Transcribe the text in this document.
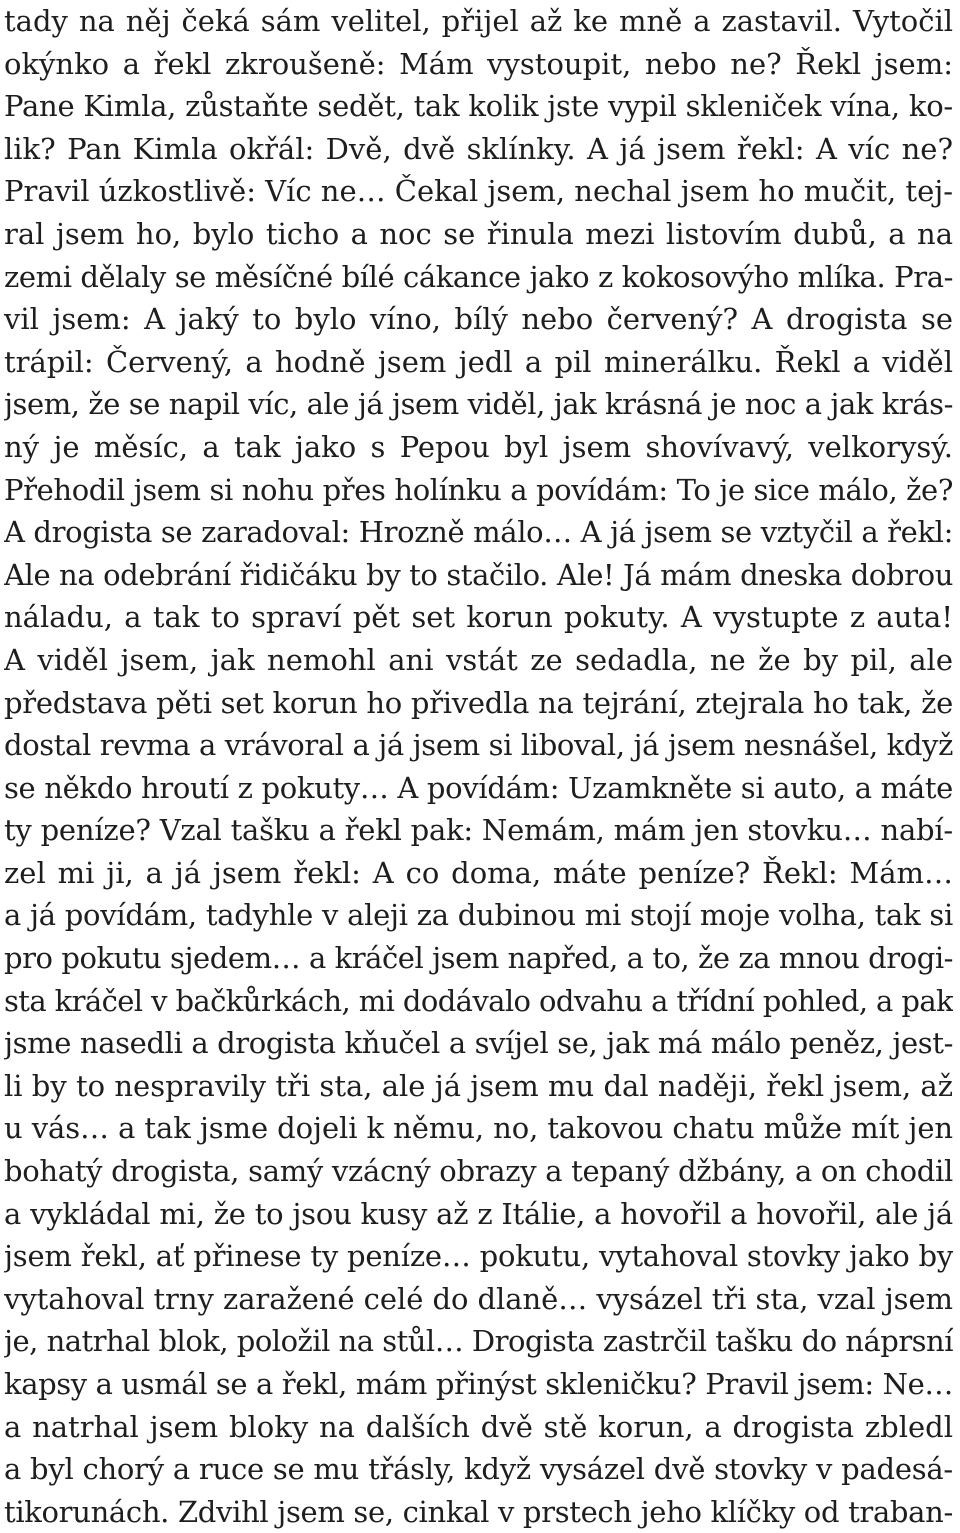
tady na něj čeká sám velitel, přijel až ke mně a zastavil. Vytočil
okýnko a řekl zkroušeně: Mám vystoupit, nebo ne? Řekl jsem:
Pane Kimla, zůstaňte sedět, tak kolik jste vypil skleniček vína, ko-
lik? Pan Kimla okřál: Dvě, dvě sklínky. A já jsem řekl: A víc ne?
Pravil úzkostlivě: Víc ne… Čekal jsem, nechal jsem ho mučit, tej-
ral jsem ho, bylo ticho a noc se řinula mezi listovím dubů, a na
zemi dělaly se měsíčné bílé cákance jako z kokosovýho mlíka. Pra-
vil jsem: A jaký to bylo víno, bílý nebo červený? A drogista se
trápil: Červený, a hodně jsem jedl a pil minerálku. Řekl a viděl
jsem, že se napil víc, ale já jsem viděl, jak krásná je noc a jak krás-
ný je měsíc, a tak jako s Pepou byl jsem shovívavý, velkorysý.
Přehodil jsem si nohu přes holínku a povídám: To je sice málo, že?
A drogista se zaradoval: Hrozně málo… A já jsem se vztyčil a řekl:
Ale na odebrání řidičáku by to stačilo. Ale! Já mám dneska dobrou
náladu, a tak to spraví pět set korun pokuty. A vystupte z auta!
A viděl jsem, jak nemohl ani vstát ze sedadla, ne že by pil, ale
představa pěti set korun ho přivedla na tejrání, ztejrala ho tak, že
dostal revma a vrávoral a já jsem si liboval, já jsem nesnášel, když
se někdo hroutí z pokuty… A povídám: Uzamkněte si auto, a máte
ty peníze? Vzal tašku a řekl pak: Nemám, mám jen stovku… nabí-
zel mi ji, a já jsem řekl: A co doma, máte peníze? Řekl: Mám…
a já povídám, tadyhle v aleji za dubinou mi stojí moje volha, tak si
pro pokutu sjedem… a kráčel jsem napřed, a to, že za mnou drogi-
sta kráčel v bačkůrkách, mi dodávalo odvahu a třídní pohled, a pak
jsme nasedli a drogista kňučel a svíjel se, jak má málo peněz, jest-
li by to nespravily tři sta, ale já jsem mu dal naději, řekl jsem, až
u vás… a tak jsme dojeli k němu, no, takovou chatu může mít jen
bohatý drogista, samý vzácný obrazy a tepaný džbány, a on chodil
a vykládal mi, že to jsou kusy až z Itálie, a hovořil a hovořil, ale já
jsem řekl, ať přinese ty peníze… pokutu, vytahoval stovky jako by
vytahoval trny zaražené celé do dlaně… vysázel tři sta, vzal jsem
je, natrhal blok, položil na stůl… Drogista zastrčil tašku do náprsní
kapsy a usmál se a řekl, mám přinýst skleničku? Pravil jsem: Ne…
a natrhal jsem bloky na dalších dvě stě korun, a drogista zbledl
a byl chorý a ruce se mu třásly, když vysázel dvě stovky v padesá-
tikorunách. Zdvihl jsem se, cinkal v prstech jeho klíčky od traban-
